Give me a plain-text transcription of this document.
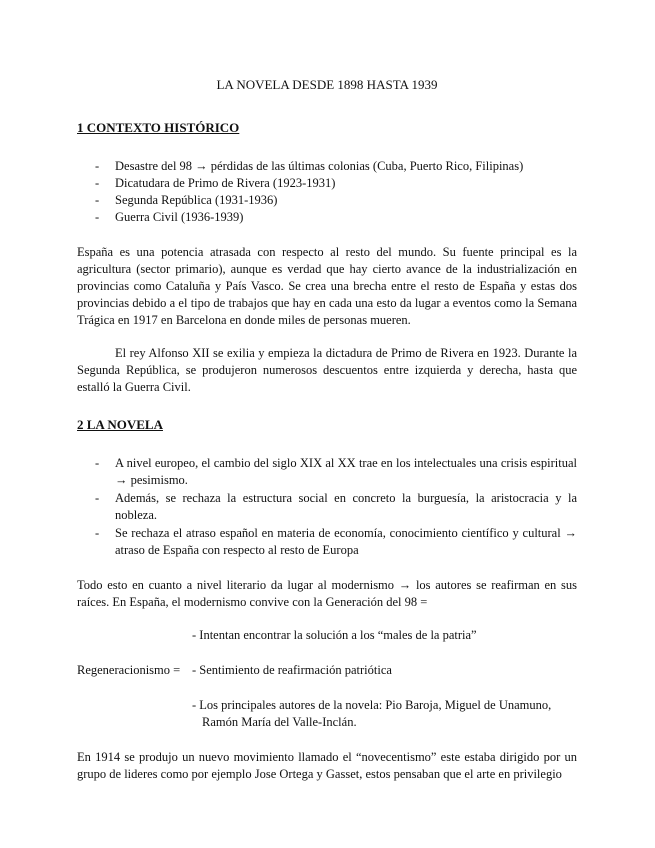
LA NOVELA DESDE 1898 HASTA 1939
1 CONTEXTO HISTÓRICO
- Desastre del 98 → pérdidas de las últimas colonias (Cuba, Puerto Rico, Filipinas)
- Dicatudara de Primo de Rivera (1923-1931)
- Segunda República (1931-1936)
- Guerra Civil (1936-1939)

España es una potencia atrasada con respecto al resto del mundo. Su fuente principal es la agricultura (sector primario), aunque es verdad que hay cierto avance de la industrialización en provincias como Cataluña y País Vasco. Se crea una brecha entre el resto de España y estas dos provincias debido a el tipo de trabajos que hay en cada una esto da lugar a eventos como la Semana Trágica en 1917 en Barcelona en donde miles de personas mueren.

El rey Alfonso XII se exilia y empieza la dictadura de Primo de Rivera en 1923. Durante la Segunda República, se produjeron numerosos descuentos entre izquierda y derecha, hasta que estalló la Guerra Civil.

2 LA NOVELA
- A nivel europeo, el cambio del siglo XIX al XX trae en los intelectuales una crisis espiritual → pesimismo.
- Además, se rechaza la estructura social en concreto la burguesía, la aristocracia y la nobleza.
- Se rechaza el atraso español en materia de economía, conocimiento científico y cultural → atraso de España con respecto al resto de Europa

Todo esto en cuanto a nivel literario da lugar al modernismo → los autores se reafirman en sus raíces. En España, el modernismo convive con la Generación del 98 =

- Intentan encontrar la solución a los “males de la patria”
Regeneracionismo = - Sentimiento de reafirmación patriótica
- Los principales autores de la novela: Pio Baroja, Miguel de Unamuno,
Ramón María del Valle-Inclán.

En 1914 se produjo un nuevo movimiento llamado el “novecentismo” este estaba dirigido por un grupo de lideres como por ejemplo Jose Ortega y Gasset, estos pensaban que el arte en privilegio
